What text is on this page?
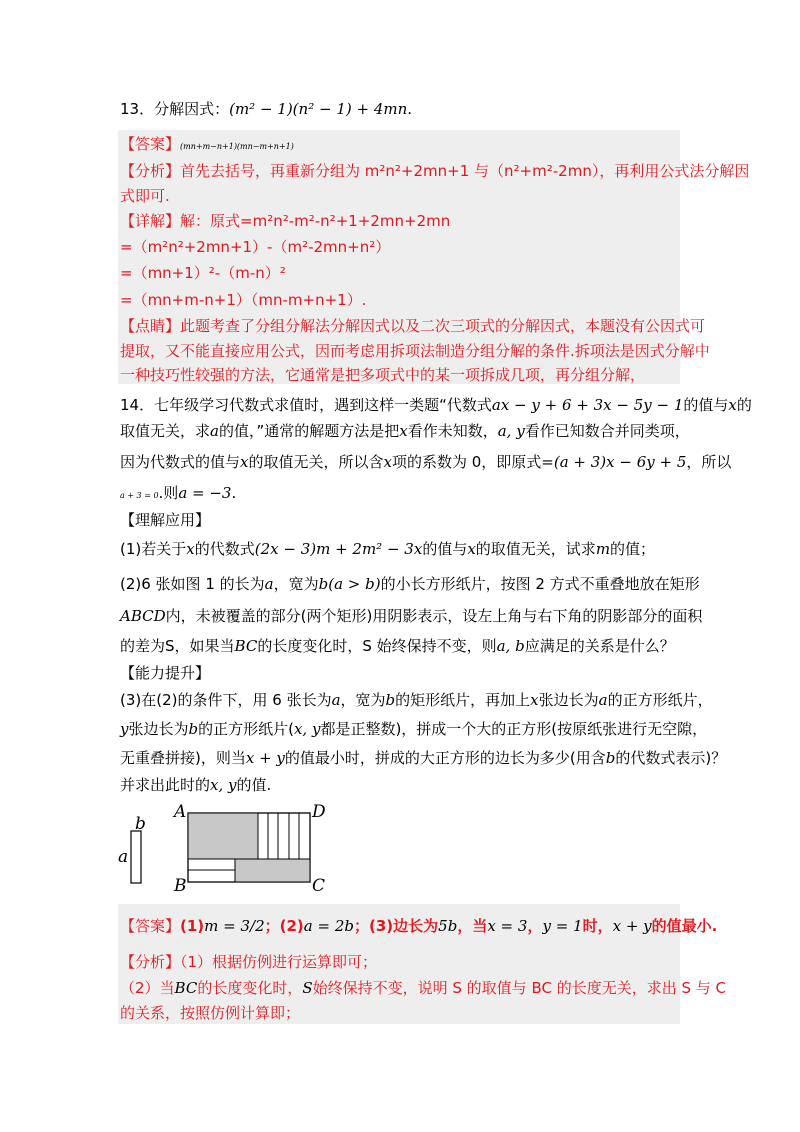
13．分解因式：(m² − 1)(n² − 1) + 4mn.
【答案】(mn+m−n+1)(mn−m+n+1)
【分析】首先去括号，再重新分组为 m²n²+2mn+1 与（n²+m²-2mn），再利用公式法分解因
式即可.
【详解】解：原式=m²n²-m²-n²+1+2mn+2mn
=（m²n²+2mn+1）-（m²-2mn+n²）
=（mn+1）²-（m-n）²
=（mn+m-n+1）（mn-m+n+1）.
【点睛】此题考查了分组分解法分解因式以及二次三项式的分解因式，本题没有公因式可
提取，又不能直接应用公式，因而考虑用拆项法制造分组分解的条件.拆项法是因式分解中
一种技巧性较强的方法，它通常是把多项式中的某一项拆成几项，再分组分解，
14．七年级学习代数式求值时，遇到这样一类题“代数式ax − y + 6 + 3x − 5y − 1的值与x的
取值无关，求a的值，”通常的解题方法是把x看作未知数，a, y看作已知数合并同类项，
因为代数式的值与x的取值无关，所以含x项的系数为 0，即原式=(a + 3)x − 6y + 5，所以
a + 3 = 0.则a = −3.
【理解应用】
(1)若关于x的代数式(2x − 3)m + 2m² − 3x的值与x的取值无关，试求m的值；
(2)6 张如图 1 的长为a，宽为b(a > b)的小长方形纸片，按图 2 方式不重叠地放在矩形
ABCD内，未被覆盖的部分(两个矩形)用阴影表示，设左上角与右下角的阴影部分的面积
的差为S，如果当BC的长度变化时，S 始终保持不变，则a, b应满足的关系是什么？
【能力提升】
(3)在(2)的条件下，用 6 张长为a，宽为b的矩形纸片，再加上x张边长为a的正方形纸片，
y张边长为b的正方形纸片(x, y都是正整数)，拼成一个大的正方形(按原纸张进行无空隙，
无重叠拼接)，则当x + y的值最小时，拼成的大正方形的边长为多少(用含b的代数式表示)？
并求出此时的x, y的值.
b
a
A	D
B	C
【答案】(1)m = 3/2；(2)a = 2b；(3)边长为5b，当x = 3，y = 1时，x + y的值最小.
【分析】（1）根据仿例进行运算即可；
（2）当BC的长度变化时，S始终保持不变，说明 S 的取值与 BC 的长度无关，求出 S 与 C
的关系，按照仿例计算即；
